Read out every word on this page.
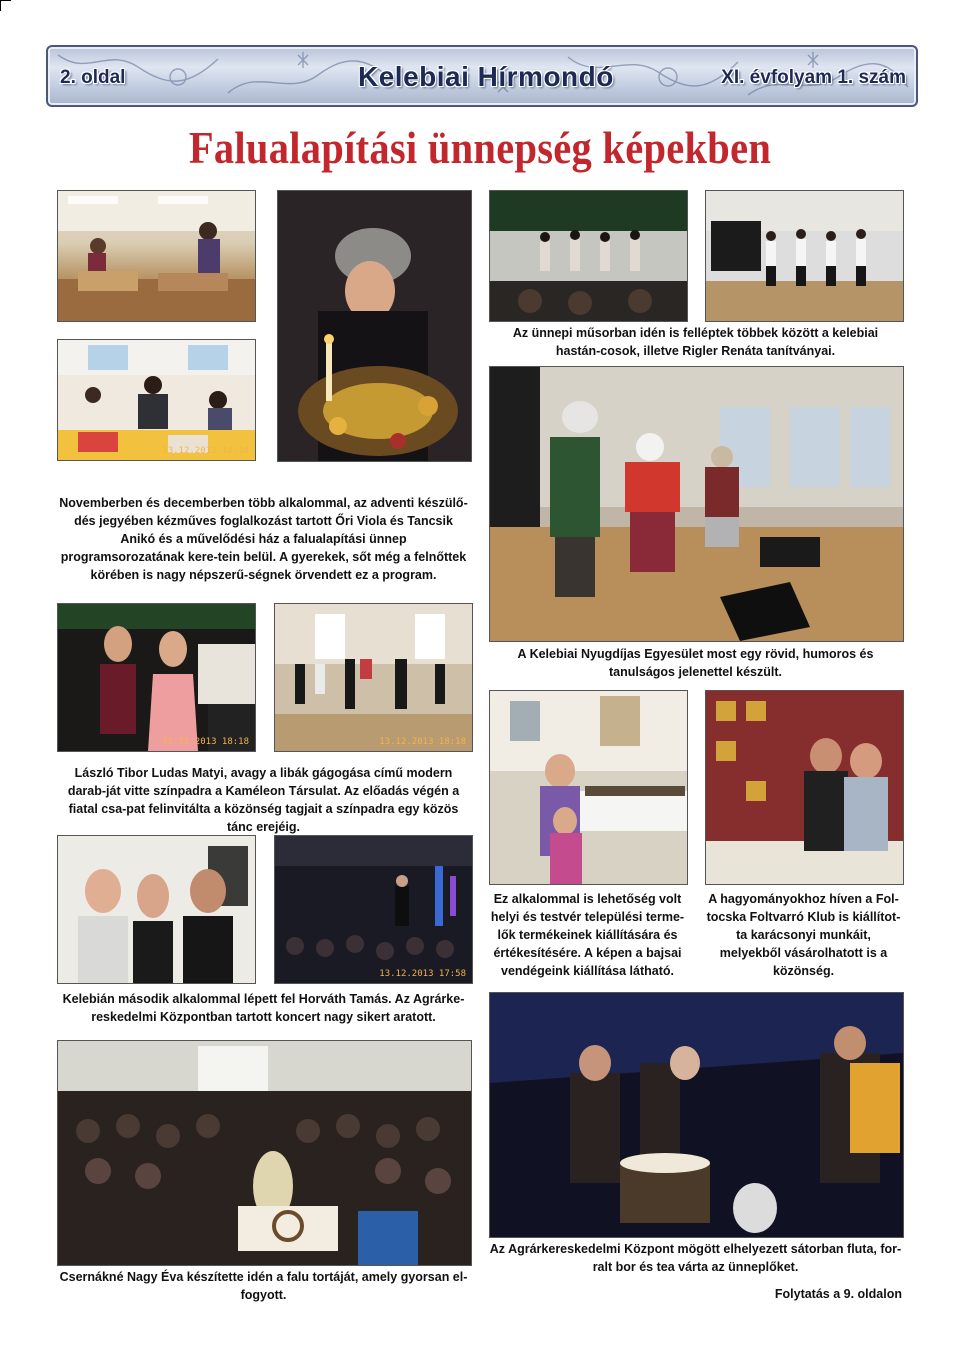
2. oldal	Kelebiai Hírmondó	XI. évfolyam 1. szám
Falualapítási ünnepség képekben
13.12.2013 18:18
12.12.2013 18:18	13.12.2013 18:18
13.12.2013 17:58
Az ünnepi műsorban idén is felléptek többek között a kelebiai hastán-cosok, illetve Rigler Renáta tanítványai.
Novemberben és decemberben több alkalommal, az adventi készülő-dés jegyében kézműves foglalkozást tartott Őri Viola és Tancsik Anikó és a művelődési ház a falualapítási ünnep programsorozatának kere-tein belül. A gyerekek, sőt még a felnőttek körében is nagy népszerű-ségnek örvendett ez a program.
A Kelebiai Nyugdíjas Egyesület most egy rövid, humoros és tanulságos jelenettel készült.
László Tibor Ludas Matyi, avagy a libák gágogása című modern darab-ját vitte színpadra a Kaméleon Társulat. Az előadás végén a fiatal csa-pat felinvitálta a közönség tagjait a színpadra egy közös tánc erejéig.
Ez alkalommal is lehetőség volt helyi és testvér települési terme-lők termékeinek kiállítására és értékesítésére. A képen a bajsai vendégeink kiállítása látható.
A hagyományokhoz híven a Fol-tocska Foltvarró Klub is kiállítot-ta karácsonyi munkáit, melyekből vásárolhatott is a közönség.
Kelebián második alkalommal lépett fel Horváth Tamás. Az Agrárke-reskedelmi Központban tartott koncert nagy sikert aratott.
Csernákné Nagy Éva készítette idén a falu tortáját, amely gyorsan el-fogyott.
Az Agrárkereskedelmi Központ mögött elhelyezett sátorban fluta, for-ralt bor és tea várta az ünneplőket.
Folytatás a 9. oldalon
